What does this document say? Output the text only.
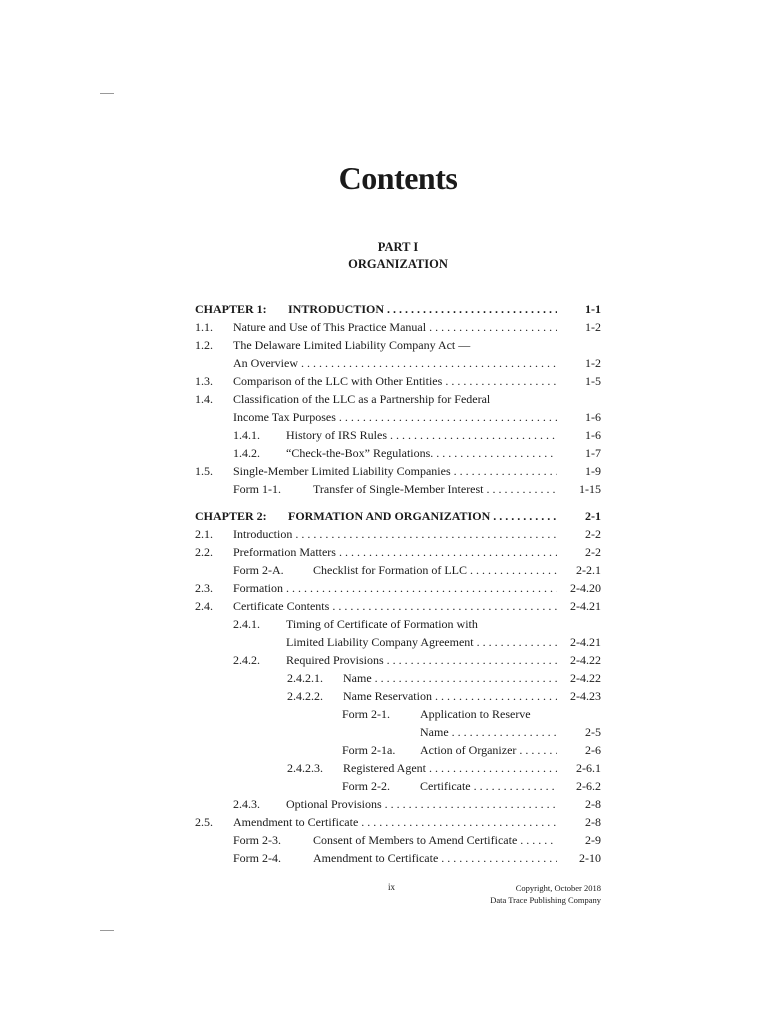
Contents
PART I
ORGANIZATION
CHAPTER 1: INTRODUCTION . . .	1-1
1.1. Nature and Use of This Practice Manual . . .	1-2
1.2. The Delaware Limited Liability Company Act —
An Overview . . .	1-2
1.3. Comparison of the LLC with Other Entities . . .	1-5
1.4. Classification of the LLC as a Partnership for Federal
Income Tax Purposes . . .	1-6
1.4.1. History of IRS Rules . . .	1-6
1.4.2. “Check-the-Box” Regulations. . . .	1-7
1.5. Single-Member Limited Liability Companies . . .	1-9
Form 1-1.	Transfer of Single-Member Interest . . .	1-15
CHAPTER 2: FORMATION AND ORGANIZATION . . .	2-1
2.1. Introduction . . .	2-2
2.2. Preformation Matters . . .	2-2
Form 2-A. Checklist for Formation of LLC . . .	2-2.1
2.3. Formation . . .	2-4.20
2.4. Certificate Contents . . .	2-4.21
2.4.1. Timing of Certificate of Formation with
Limited Liability Company Agreement . . .	2-4.21
2.4.2. Required Provisions . . .	2-4.22
2.4.2.1. Name . . .	2-4.22
2.4.2.2. Name Reservation . . .	2-4.23
Form 2-1.	Application to Reserve
Name . . .	2-5
Form 2-1a. Action of Organizer . . .	2-6
2.4.2.3. Registered Agent . . .	2-6.1
Form 2-2.	Certificate . . .	2-6.2
2.4.3. Optional Provisions . . .	2-8
2.5. Amendment to Certificate . . .	2-8
Form 2-3.	Consent of Members to Amend Certificate . . .	2-9
Form 2-4.	Amendment to Certificate . . .	2-10
ix	Copyright, October 2018
Data Trace Publishing Company
